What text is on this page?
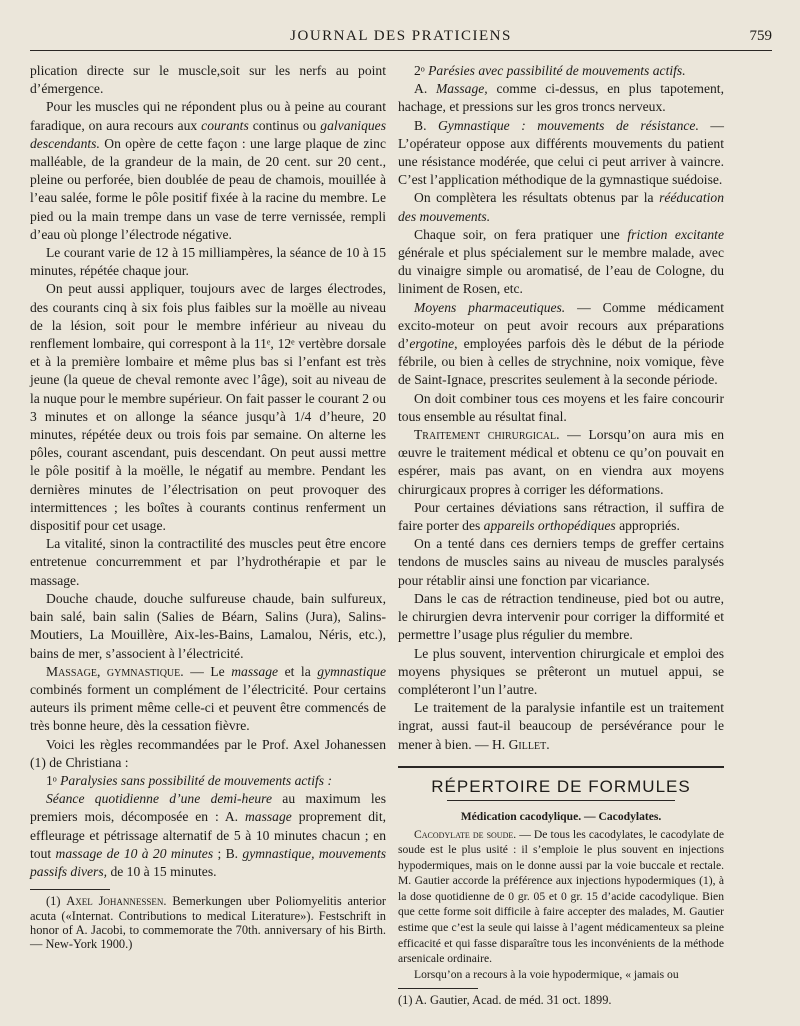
JOURNAL DES PRATICIENS	759

plication directe sur le muscle,soit sur les nerfs au point d’émergence.

Pour les muscles qui ne répondent plus ou à peine au courant faradique, on aura recours aux courants continus ou galvaniques descendants. On opère de cette façon : une large plaque de zinc malléable, de la grandeur de la main, de 20 cent. sur 20 cent., pleine ou perforée, bien doublée de peau de chamois, mouillée à l’eau salée, forme le pôle positif fixée à la racine du membre. Le pied ou la main trempe dans un vase de terre vernissée, rempli d’eau où plonge l’électrode négative.

Le courant varie de 12 à 15 milliampères, la séance de 10 à 15 minutes, répétée chaque jour.

On peut aussi appliquer, toujours avec de larges électrodes, des courants cinq à six fois plus faibles sur la moëlle au niveau de la lésion, soit pour le membre inférieur au niveau du renflement lombaire, qui correspont à la 11ᵉ, 12ᵉ vertèbre dorsale et à la première lombaire et même plus bas si l’enfant est très jeune (la queue de cheval remonte avec l’âge), soit au niveau de la nuque pour le membre supérieur. On fait passer le courant 2 ou 3 minutes et on allonge la séance jusqu’à 1/4 d’heure, 20 minutes, répétée deux ou trois fois par semaine. On alterne les pôles, courant ascendant, puis descendant. On peut aussi mettre le pôle positif à la moëlle, le négatif au membre. Pendant les dernières minutes de l’électrisation on peut provoquer des intermittences ; les boîtes à courants continus renferment un dispositif pour cet usage.

La vitalité, sinon la contractilité des muscles peut être encore entretenue concurremment et par l’hydrothérapie et par le massage.

Douche chaude, douche sulfureuse chaude, bain sulfureux, bain salé, bain salin (Salies de Béarn, Salins (Jura), Salins-Moutiers, La Mouillère, Aix-les-Bains, Lamalou, Néris, etc.), bains de mer, s’associent à l’électricité.

Massage, gymnastique. — Le massage et la gymnastique combinés forment un complément de l’électricité. Pour certains auteurs ils priment même celle-ci et peuvent être commencés de très bonne heure, dès la cessation fièvre.

Voici les règles recommandées par le Prof. Axel Johanessen (1) de Christiana :

1ᵒ Paralysies sans possibilité de mouvements actifs :

Séance quotidienne d’une demi-heure au maximum les premiers mois, décomposée en : A. massage proprement dit, effleurage et pétrissage alternatif de 5 à 10 minutes chacun ; en tout massage de 10 à 20 minutes ; B. gymnastique, mouvements passifs divers, de 10 à 15 minutes.

(1) Axel Johannessen. Bemerkungen uber Poliomyelitis anterior acuta («Internat. Contributions to medical Literature»). Festschrift in honor of A. Jacobi, to commemorate the 70th. anniversary of his Birth. — New-York 1900.)

2ᵒ Parésies avec passibilité de mouvements actifs.

A. Massage, comme ci-dessus, en plus tapotement, hachage, et pressions sur les gros troncs nerveux.

B. Gymnastique : mouvements de résistance. — L’opérateur oppose aux différents mouvements du patient une résistance modérée, que celui ci peut arriver à vaincre. C’est l’application méthodique de la gymnastique suédoise.

On complètera les résultats obtenus par la rééducation des mouvements.

Chaque soir, on fera pratiquer une friction excitante générale et plus spécialement sur le membre malade, avec du vinaigre simple ou aromatisé, de l’eau de Cologne, du liniment de Rosen, etc.

Moyens pharmaceutiques. — Comme médicament excito-moteur on peut avoir recours aux préparations d’ergotine, employées parfois dès le début de la période fébrile, ou bien à celles de strychnine, noix vomique, fève de Saint-Ignace, prescrites seulement à la seconde période.

On doit combiner tous ces moyens et les faire concourir tous ensemble au résultat final.

Traitement chirurgical. — Lorsqu’on aura mis en œuvre le traitement médical et obtenu ce qu’on pouvait en espérer, mais pas avant, on en viendra aux moyens chirurgicaux propres à corriger les déformations.

Pour certaines déviations sans rétraction, il suffira de faire porter des appareils orthopédiques appropriés.

On a tenté dans ces derniers temps de greffer certains tendons de muscles sains au niveau de muscles paralysés pour rétablir ainsi une fonction par vicariance.

Dans le cas de rétraction tendineuse, pied bot ou autre, le chirurgien devra intervenir pour corriger la difformité et permettre l’usage plus régulier du membre.

Le plus souvent, intervention chirurgicale et emploi des moyens physiques se prêteront un mutuel appui, se compléteront l’un l’autre.

Le traitement de la paralysie infantile est un traitement ingrat, aussi faut-il beaucoup de persévérance pour le mener à bien. — H. Gillet.

RÉPERTOIRE DE FORMULES

Médication cacodylique. — Cacodylates.

Cacodylate de soude. — De tous les cacodylates, le cacodylate de soude est le plus usité : il s’emploie le plus souvent en injections hypodermiques, mais on le donne aussi par la voie buccale et rectale. M. Gautier accorde la préférence aux injections hypodermiques (1), à la dose quotidienne de 0 gr. 05 et 0 gr. 15 d’acide cacodylique. Bien que cette forme soit difficile à faire accepter des malades, M. Gautier estime que c’est la seule qui laisse à l’agent médicamenteux sa pleine efficacité et qui fasse disparaître tous les inconvénients de la méthode arsenicale ordinaire.

Lorsqu’on a recours à la voie hypodermique, « jamais ou

(1) A. Gautier, Acad. de méd. 31 oct. 1899.
